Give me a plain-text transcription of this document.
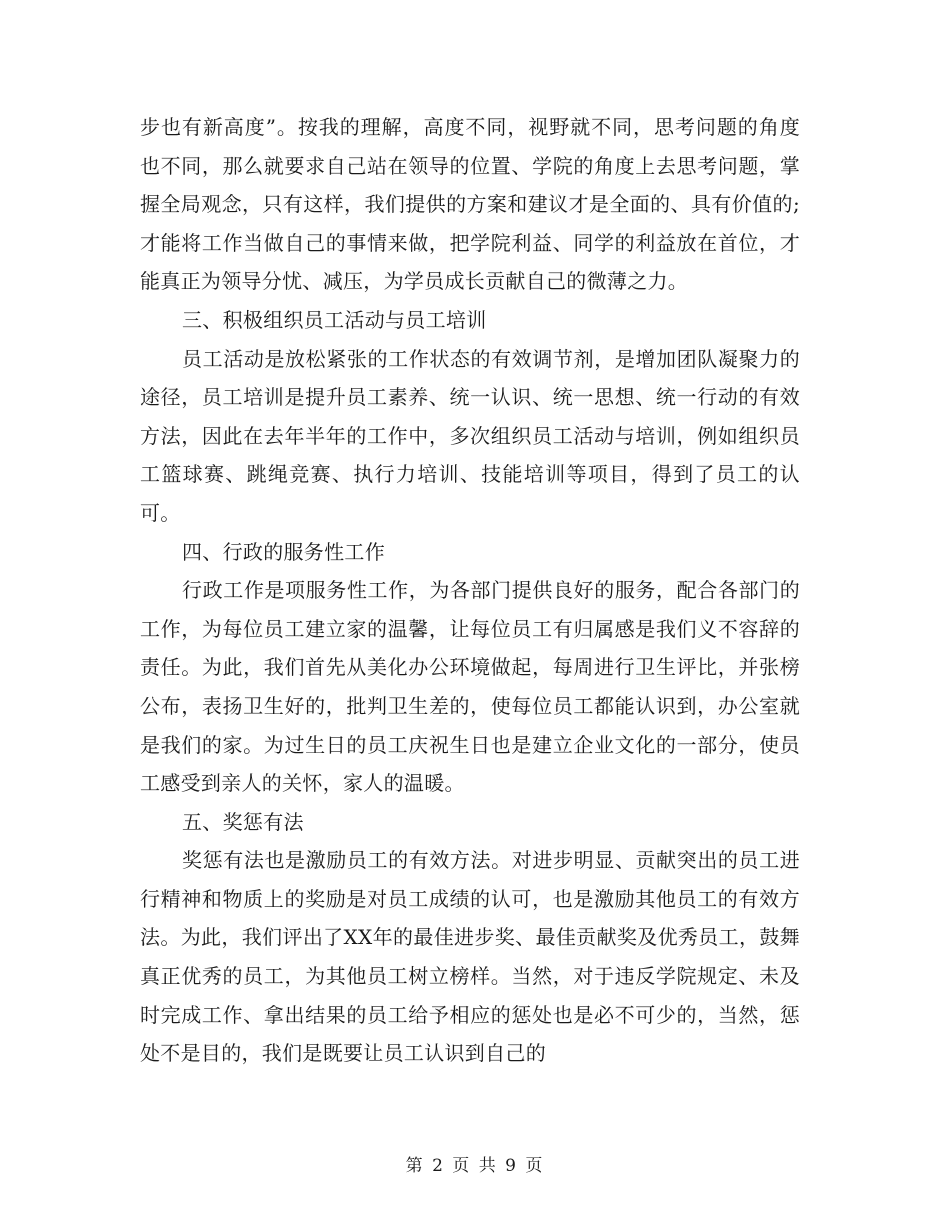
步也有新高度”。按我的理解，高度不同，视野就不同，思考问题的角度也不同，那么就要求自己站在领导的位置、学院的角度上去思考问题，掌握全局观念，只有这样，我们提供的方案和建议才是全面的、具有价值的;才能将工作当做自己的事情来做，把学院利益、同学的利益放在首位，才能真正为领导分忧、减压，为学员成长贡献自己的微薄之力。

三、积极组织员工活动与员工培训

员工活动是放松紧张的工作状态的有效调节剂，是增加团队凝聚力的途径，员工培训是提升员工素养、统一认识、统一思想、统一行动的有效方法，因此在去年半年的工作中，多次组织员工活动与培训，例如组织员工篮球赛、跳绳竞赛、执行力培训、技能培训等项目，得到了员工的认可。

四、行政的服务性工作

行政工作是项服务性工作，为各部门提供良好的服务，配合各部门的工作，为每位员工建立家的温馨，让每位员工有归属感是我们义不容辞的责任。为此，我们首先从美化办公环境做起，每周进行卫生评比，并张榜公布，表扬卫生好的，批判卫生差的，使每位员工都能认识到，办公室就是我们的家。为过生日的员工庆祝生日也是建立企业文化的一部分，使员工感受到亲人的关怀，家人的温暖。

五、奖惩有法

奖惩有法也是激励员工的有效方法。对进步明显、贡献突出的员工进行精神和物质上的奖励是对员工成绩的认可，也是激励其他员工的有效方法。为此，我们评出了XX年的最佳进步奖、最佳贡献奖及优秀员工，鼓舞真正优秀的员工，为其他员工树立榜样。当然，对于违反学院规定、未及时完成工作、拿出结果的员工给予相应的惩处也是必不可少的，当然，惩处不是目的，我们是既要让员工认识到自己的

第 2 页 共 9 页
